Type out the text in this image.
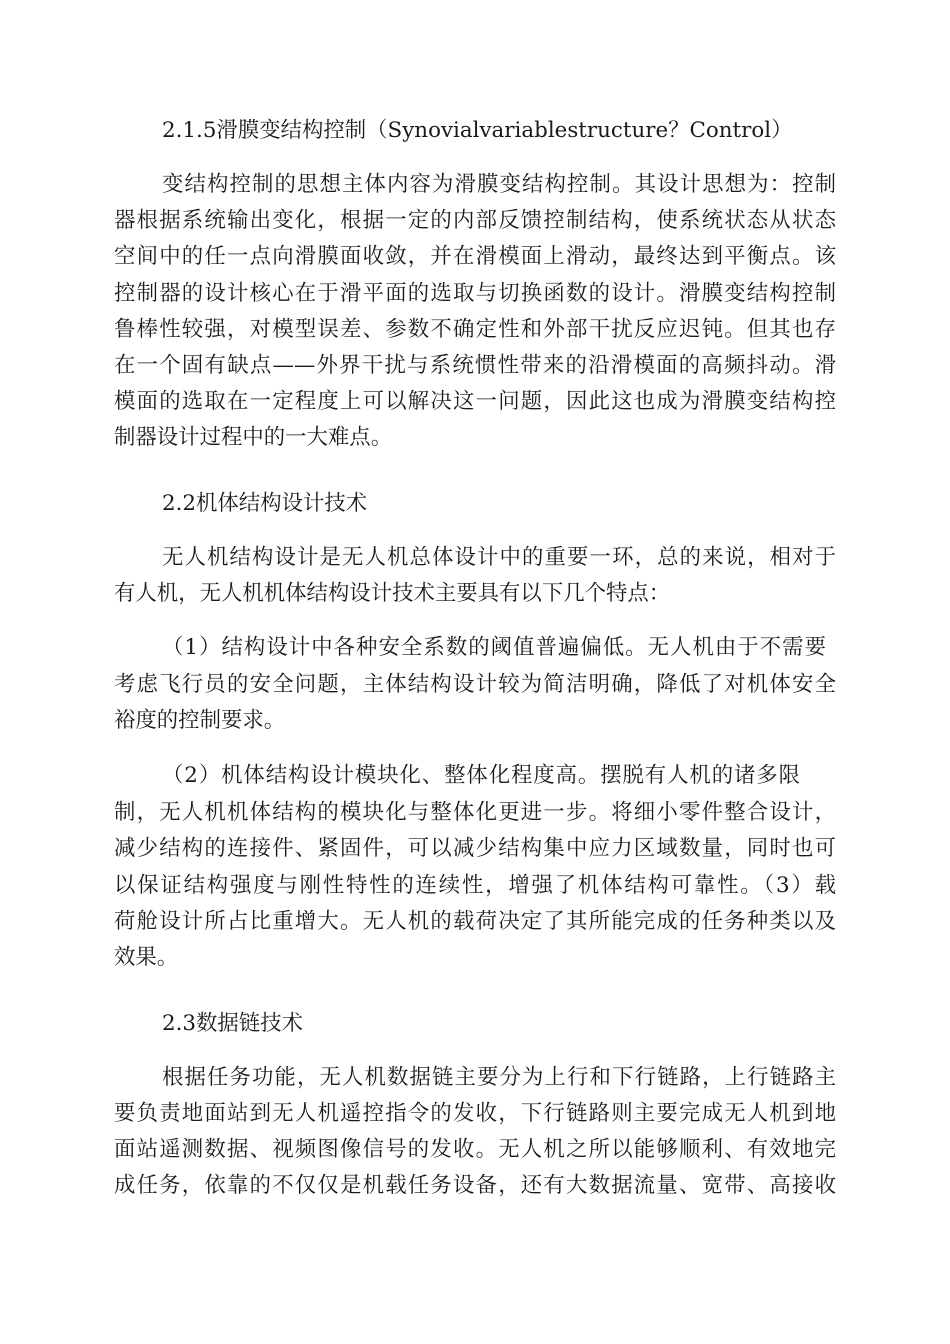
2.1.5滑膜变结构控制（Synovialvariablestructure？Control）
变结构控制的思想主体内容为滑膜变结构控制。其设计思想为：控制
器根据系统输出变化，根据一定的内部反馈控制结构，使系统状态从状态
空间中的任一点向滑膜面收敛，并在滑模面上滑动，最终达到平衡点。该
控制器的设计核心在于滑平面的选取与切换函数的设计。滑膜变结构控制
鲁棒性较强，对模型误差、参数不确定性和外部干扰反应迟钝。但其也存
在一个固有缺点——外界干扰与系统惯性带来的沿滑模面的高频抖动。滑
模面的选取在一定程度上可以解决这一问题，因此这也成为滑膜变结构控
制器设计过程中的一大难点。
2.2机体结构设计技术
无人机结构设计是无人机总体设计中的重要一环，总的来说，相对于
有人机，无人机机体结构设计技术主要具有以下几个特点：
（1）结构设计中各种安全系数的阈值普遍偏低。无人机由于不需要
考虑飞行员的安全问题，主体结构设计较为简洁明确，降低了对机体安全
裕度的控制要求。
（2）机体结构设计模块化、整体化程度高。摆脱有人机的诸多限
制，无人机机体结构的模块化与整体化更进一步。将细小零件整合设计，
减少结构的连接件、紧固件，可以减少结构集中应力区域数量，同时也可
以保证结构强度与刚性特性的连续性，增强了机体结构可靠性。（3）载
荷舱设计所占比重增大。无人机的载荷决定了其所能完成的任务种类以及
效果。
2.3数据链技术
根据任务功能，无人机数据链主要分为上行和下行链路，上行链路主
要负责地面站到无人机遥控指令的发收，下行链路则主要完成无人机到地
面站遥测数据、视频图像信号的发收。无人机之所以能够顺利、有效地完
成任务，依靠的不仅仅是机载任务设备，还有大数据流量、宽带、高接收
